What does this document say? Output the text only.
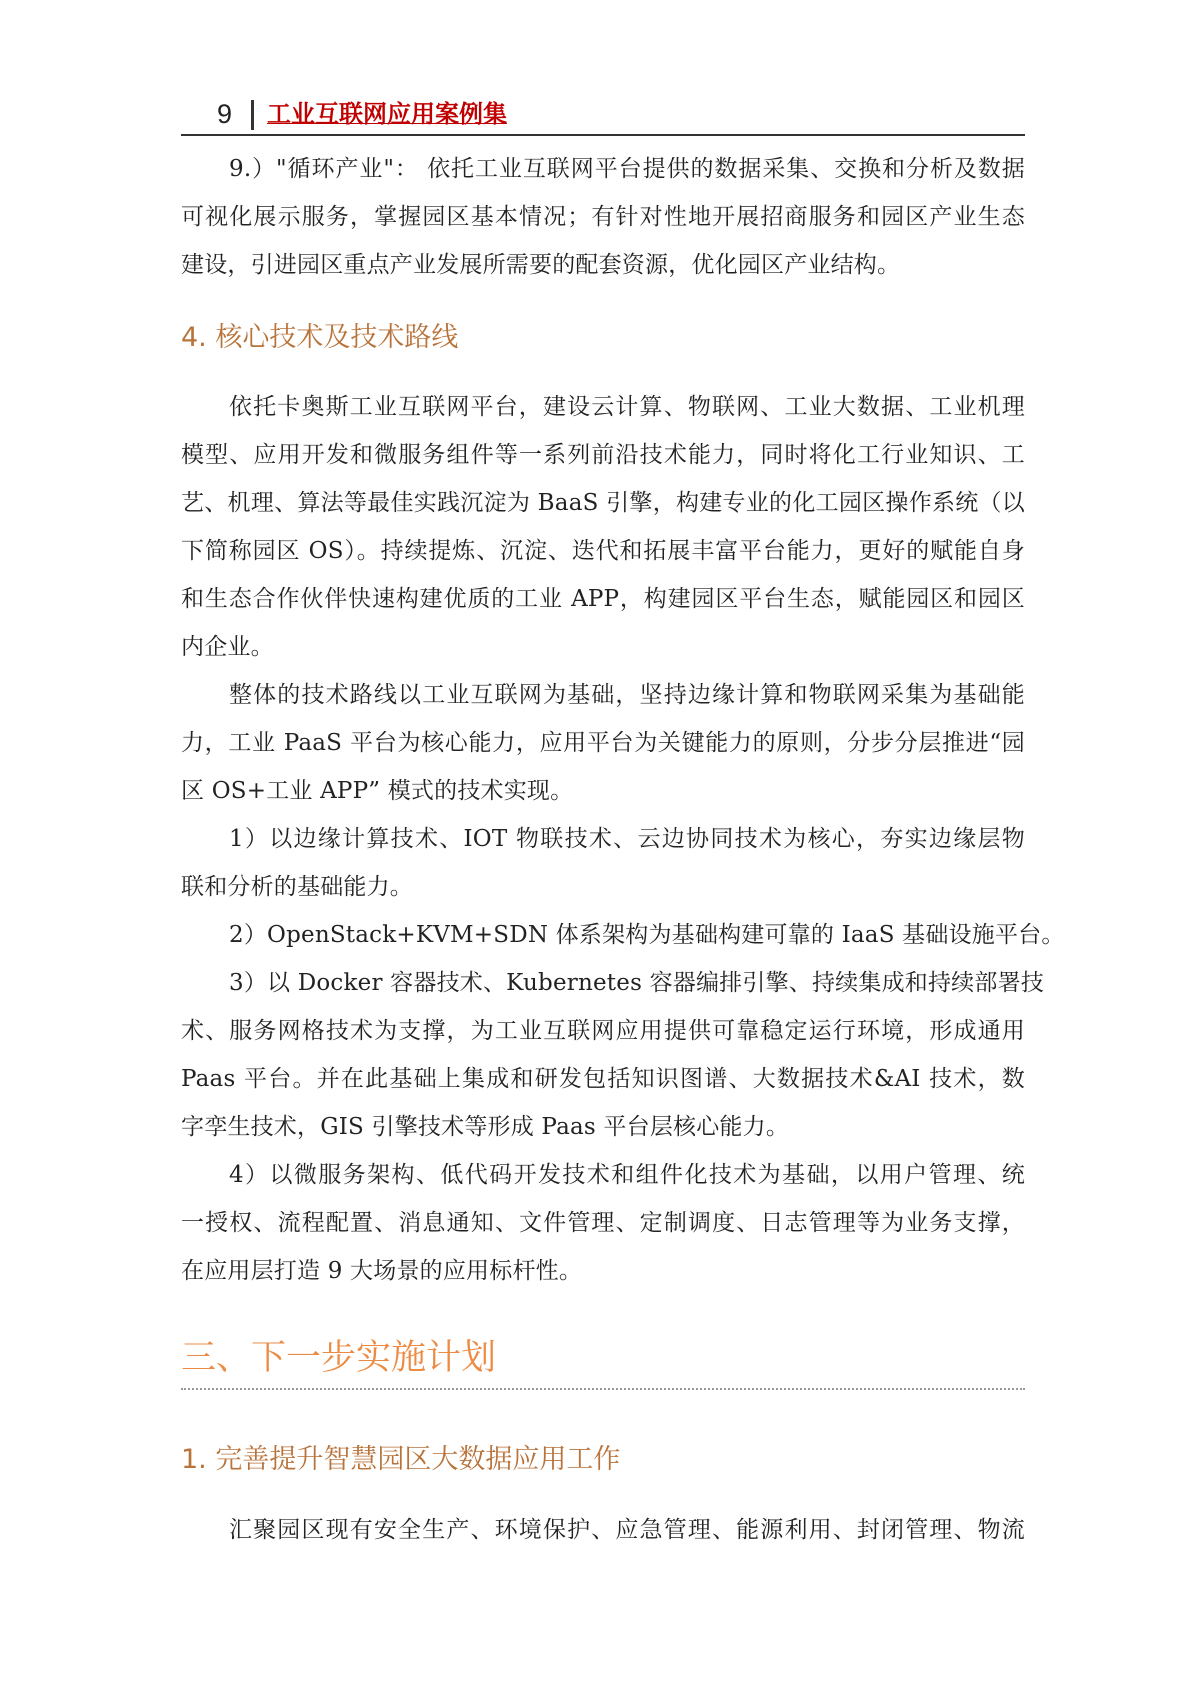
9 工业互联网应用案例集
9.）"循环产业"： 依托工业互联网平台提供的数据采集、交换和分析及数据
可视化展示服务，掌握园区基本情况；有针对性地开展招商服务和园区产业生态
建设，引进园区重点产业发展所需要的配套资源，优化园区产业结构。
4. 核心技术及技术路线
依托卡奥斯工业互联网平台，建设云计算、物联网、工业大数据、工业机理
模型、应用开发和微服务组件等一系列前沿技术能力，同时将化工行业知识、工
艺、机理、算法等最佳实践沉淀为 BaaS 引擎，构建专业的化工园区操作系统（以
下简称园区 OS）。持续提炼、沉淀、迭代和拓展丰富平台能力，更好的赋能自身
和生态合作伙伴快速构建优质的工业 APP，构建园区平台生态，赋能园区和园区
内企业。
整体的技术路线以工业互联网为基础，坚持边缘计算和物联网采集为基础能
力，工业 PaaS 平台为核心能力，应用平台为关键能力的原则，分步分层推进“园
区 OS+工业 APP” 模式的技术实现。
1）以边缘计算技术、IOT 物联技术、云边协同技术为核心，夯实边缘层物
联和分析的基础能力。
2）OpenStack+KVM+SDN 体系架构为基础构建可靠的 IaaS 基础设施平台。
3）以 Docker 容器技术、Kubernetes 容器编排引擎、持续集成和持续部署技
术、服务网格技术为支撑，为工业互联网应用提供可靠稳定运行环境，形成通用
Paas 平台。并在此基础上集成和研发包括知识图谱、大数据技术&AI 技术，数
字孪生技术，GIS 引擎技术等形成 Paas 平台层核心能力。
4）以微服务架构、低代码开发技术和组件化技术为基础，以用户管理、统
一授权、流程配置、消息通知、文件管理、定制调度、日志管理等为业务支撑，
在应用层打造 9 大场景的应用标杆性。
三、下一步实施计划
1. 完善提升智慧园区大数据应用工作
汇聚园区现有安全生产、环境保护、应急管理、能源利用、封闭管理、物流
